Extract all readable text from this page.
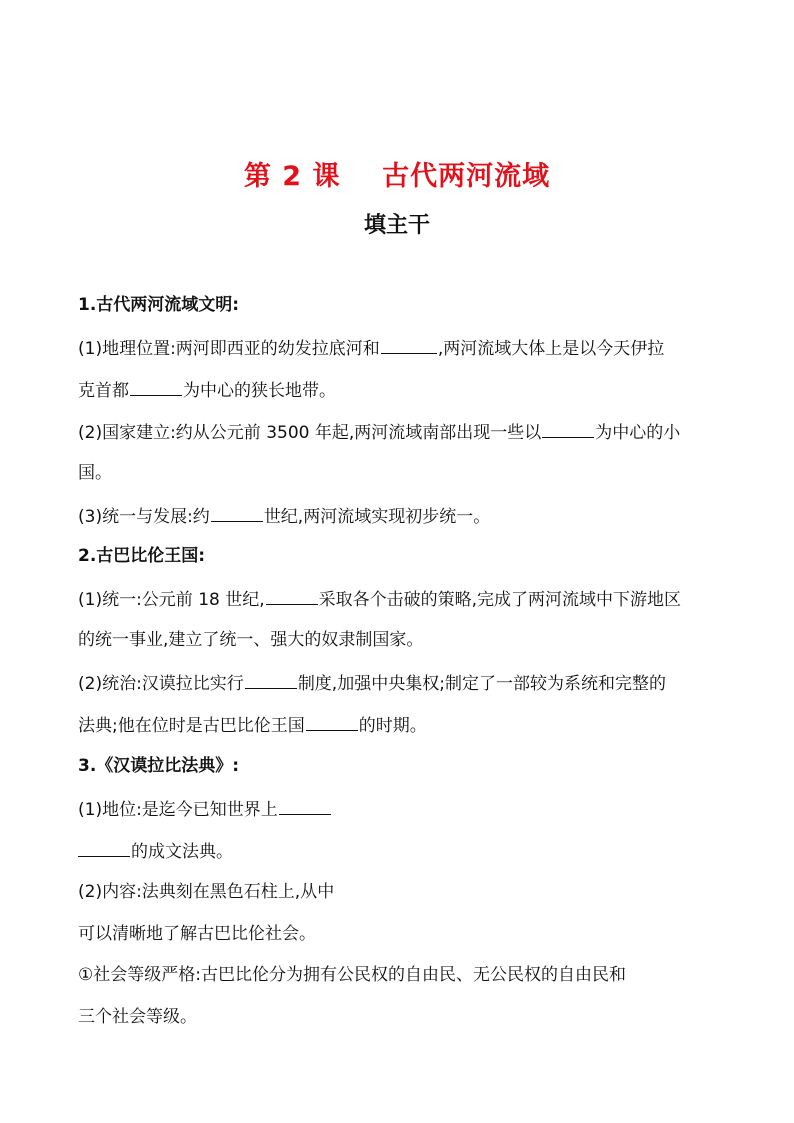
第 2 课    古代两河流域
填主干
1.古代两河流域文明:
(1)地理位置:两河即西亚的幼发拉底河和	,两河流域大体上是以今天伊拉
克首都	为中心的狭长地带。
(2)国家建立:约从公元前 3500 年起,两河流域南部出现一些以	为中心的小
国。
(3)统一与发展:约	世纪,两河流域实现初步统一。
2.古巴比伦王国:
(1)统一:公元前 18 世纪,	采取各个击破的策略,完成了两河流域中下游地区
的统一事业,建立了统一、强大的奴隶制国家。
(2)统治:汉谟拉比实行	制度,加强中央集权;制定了一部较为系统和完整的
法典;他在位时是古巴比伦王国	的时期。
3.《汉谟拉比法典》:
(1)地位:是迄今已知世界上
的成文法典。
(2)内容:法典刻在黑色石柱上,从中
可以清晰地了解古巴比伦社会。
①社会等级严格:古巴比伦分为拥有公民权的自由民、无公民权的自由民和
三个社会等级。
